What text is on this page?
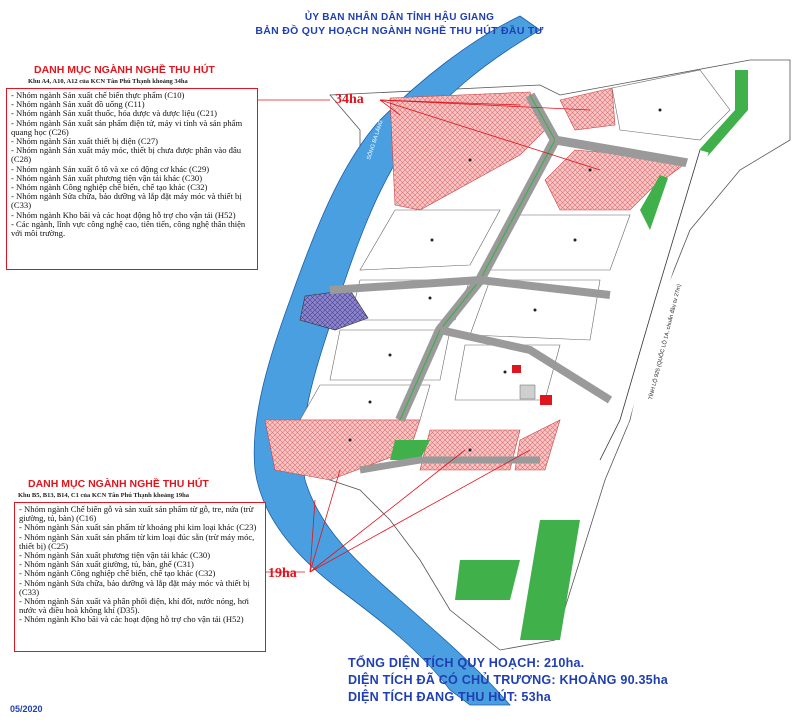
SÔNG BA LÁNG
TỈNH LỘ 925 (QUỐC LỘ 1A, chuẩn đầu tư 27m)
ỦY BAN NHÂN DÂN TỈNH HẬU GIANG
BẢN ĐỒ QUY HOẠCH NGÀNH NGHỀ THU HÚT ĐẦU TƯ
DANH MỤC NGÀNH NGHỀ THU HÚT
Khu A4, A10, A12 của KCN Tân Phú Thạnh khoảng 34ha
- Nhóm ngành Sản xuất chế biến thực phẩm (C10)
- Nhóm ngành Sản xuất đồ uống (C11)
- Nhóm ngành Sản xuất thuốc, hóa dược và dược liệu (C21)
- Nhóm ngành Sản xuất sản phẩm điện tử, máy vi tính và sản phẩm quang học (C26)
- Nhóm ngành Sản xuất thiết bị điện (C27)
- Nhóm ngành Sản xuất máy móc, thiết bị chưa được phân vào đâu (C28)
- Nhóm ngành Sản xuất ô tô và xe có động cơ khác (C29)
- Nhóm ngành Sản xuất phương tiện vận tải khác (C30)
- Nhóm ngành Công nghiệp chế biến, chế tạo khác (C32)
- Nhóm ngành Sửa chữa, bảo dưỡng và lắp đặt máy móc và thiết bị (C33)
- Nhóm ngành Kho bãi và các hoạt động hỗ trợ cho vận tải (H52)
- Các ngành, lĩnh vực công nghệ cao, tiên tiến, công nghệ thân thiện với môi trường.
34ha
DANH MỤC NGÀNH NGHỀ THU HÚT
Khu B5, B13, B14, C1 của KCN Tân Phú Thạnh khoảng 19ha
- Nhóm ngành Chế biến gỗ và sản xuất sản phẩm từ gỗ, tre, nứa (trừ giường, tủ, bàn) (C16)
- Nhóm ngành Sản xuất sản phẩm từ khoáng phi kim loại khác (C23)
- Nhóm ngành Sản xuất sản phẩm từ kim loại đúc sẵn (trừ máy móc, thiết bị) (C25)
- Nhóm ngành Sản xuất phương tiện vận tải khác (C30)
- Nhóm ngành Sản xuất giường, tủ, bàn, ghế (C31)
- Nhóm ngành Công nghiệp chế biến, chế tạo khác (C32)
- Nhóm ngành Sửa chữa, bảo dưỡng và lắp đặt máy móc và thiết bị (C33)
- Nhóm ngành Sản xuất và phân phối điện, khí đốt, nước nóng, hơi nước và điều hoà không khí (D35).
- Nhóm ngành Kho bãi và các hoạt động hỗ trợ cho vận tải (H52)
19ha
TỔNG DIỆN TÍCH QUY HOẠCH: 210ha.
DIỆN TÍCH ĐÃ CÓ CHỦ TRƯƠNG: KHOẢNG 90.35ha
DIỆN TÍCH ĐANG THU HÚT: 53ha
05/2020
